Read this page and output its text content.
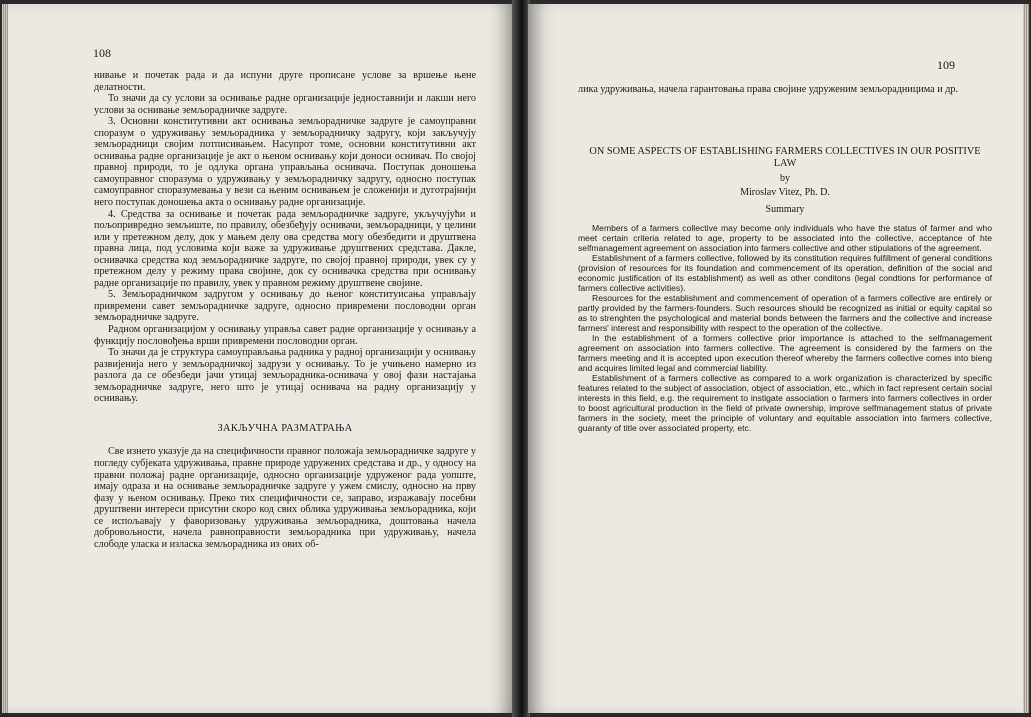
108

нивање и почетак рада и да испуни друге прописане услове за вршење њене делатности.

То значи да су услови за оснивање радне организације једноставнији и лакши него услови за оснивање земљорадничке задруге.

3. Основни конститутивни акт оснивања земљорадничке задруге је самоуправни споразум о удруживању земљорадника у земљорадничку задругу, који закључују земљорадници својим потписивањем. Насупрот томе, основни конститутивни акт оснивања радне организације је акт о њеном оснивању који доноси оснивач. По својој правној природи, то је одлука органа управљања оснивача. Поступак доношења самоуправног споразума о удруживању у земљорадничку задругу, односно поступак самоуправног споразумевања у вези са њеним оснивањем је сложенији и дуготрајнији него поступак доношења акта о оснивању радне организације.

4. Средства за оснивање и почетак рада земљорадничке задруге, укључујући и пољопривредно земљиште, по правилу, обезбеђују оснивачи, земљорадници, у целини или у претежном делу, док у мањем делу ова средства могу обезбедити и друштвена правна лица, под условима који важе за удруживање друштвених средстава. Дакле, оснивачка средства код земљорадничке задруге, по својој правној природи, увек су у претежном делу у режиму права својине, док су оснивачка средства при оснивању радне организације по правилу, увек у правном режиму друштвене својине.

5. Земљорадничком задругом у оснивању до њеног конституисања управљају привремени савет земљорадничке задруге, односно привремени пословодни орган земљорадничке задруге.

Радном организацијом у оснивању управља савет радне организације у оснивању а функцију пословођења врши привремени пословодни орган.

То значи да је структура самоуправљања радника у радној организацији у оснивању развијенија него у земљорадничкој задрузи у оснивању. То је учињено намерно из разлога да се обезбеди јачи утицај земљорадника-оснивача у овој фази настајања земљорадничке задруге, него што је утицај оснивача на радну организацију у оснивању.

ЗАКЉУЧНА РАЗМАТРАЊА

Све изнето указује да на специфичности правног положаја земљорадничке задруге у погледу субјеката удруживања, правне природе удружених средстава и др., у односу на правни положај радне организације, односно организације удруженог рада уопште, имају одраза и на оснивање земљорадничке задруге у ужем смислу, односно на прву фазу у њеном оснивању. Преко тих специфичности се, заправо, изражавају посебни друштвени интереси присутни скоро код свих облика удруживања земљорадника, који се испољавају у фаворизовању удруживања земљорадника, доштовања начела добровољности, начела равноправности земљорадника при удруживању, начела слободе уласка и изласка земљорадника из ових об-

109

лика удруживања, начела гарантовања права својине удруженим земљорадницима и др.

ON SOME ASPECTS OF ESTABLISHING FARMERS COLLECTIVES IN OUR POSITIVE LAW
by
Miroslav Vitez, Ph. D.
Summary

Members of a farmers collective may become only individuals who have the status of farmer and who meet certain criteria related to age, property to be associated into the collective, acceptance of hte selfmanagement agreement on association into farmers collective and other stipulations of the agreement.

Establishment of a farmers collective, followed by its constitution requires fulfillment of general conditions (provision of resources for its foundation and commencement of its operation, definition of the social and economic justification of its establishment) as well as other conditons (legal condtions for performance of farmers collective activities).

Resources for the establishment and commencement of operation of a farmers collective are entirely or partly provided by the farmers-founders. Such resources should be recognized as initial or equity capital so as to strenghten the psychological and material bonds between the farmers and the collective and increase farmers' interest and responsibility with respect to the operation of the collective.

In the establishment of a formers collective prior importance is attached to the selfmanagement agreement on association into farmers collective. The agreement is considered by the farmers on the farmers meeting and it is accepted upon execution thereof whereby the farmers collective comes into bieng and acquires limited legal and commercial liability.

Establishment of a farmers collective as compared to a work organization is characterized by specific features related to the subject of association, object of association, etc., which in fact represent certain social interests in this field, e.g. the requirement to instigate association o farmers into farmers collectives in order to boost agricultural production in the field of private ownership, improve selfmanagement status of private farmers in the society, meet the principle of voluntary and equitable association into farmers collective, guaranty of title over associated property, etc.
